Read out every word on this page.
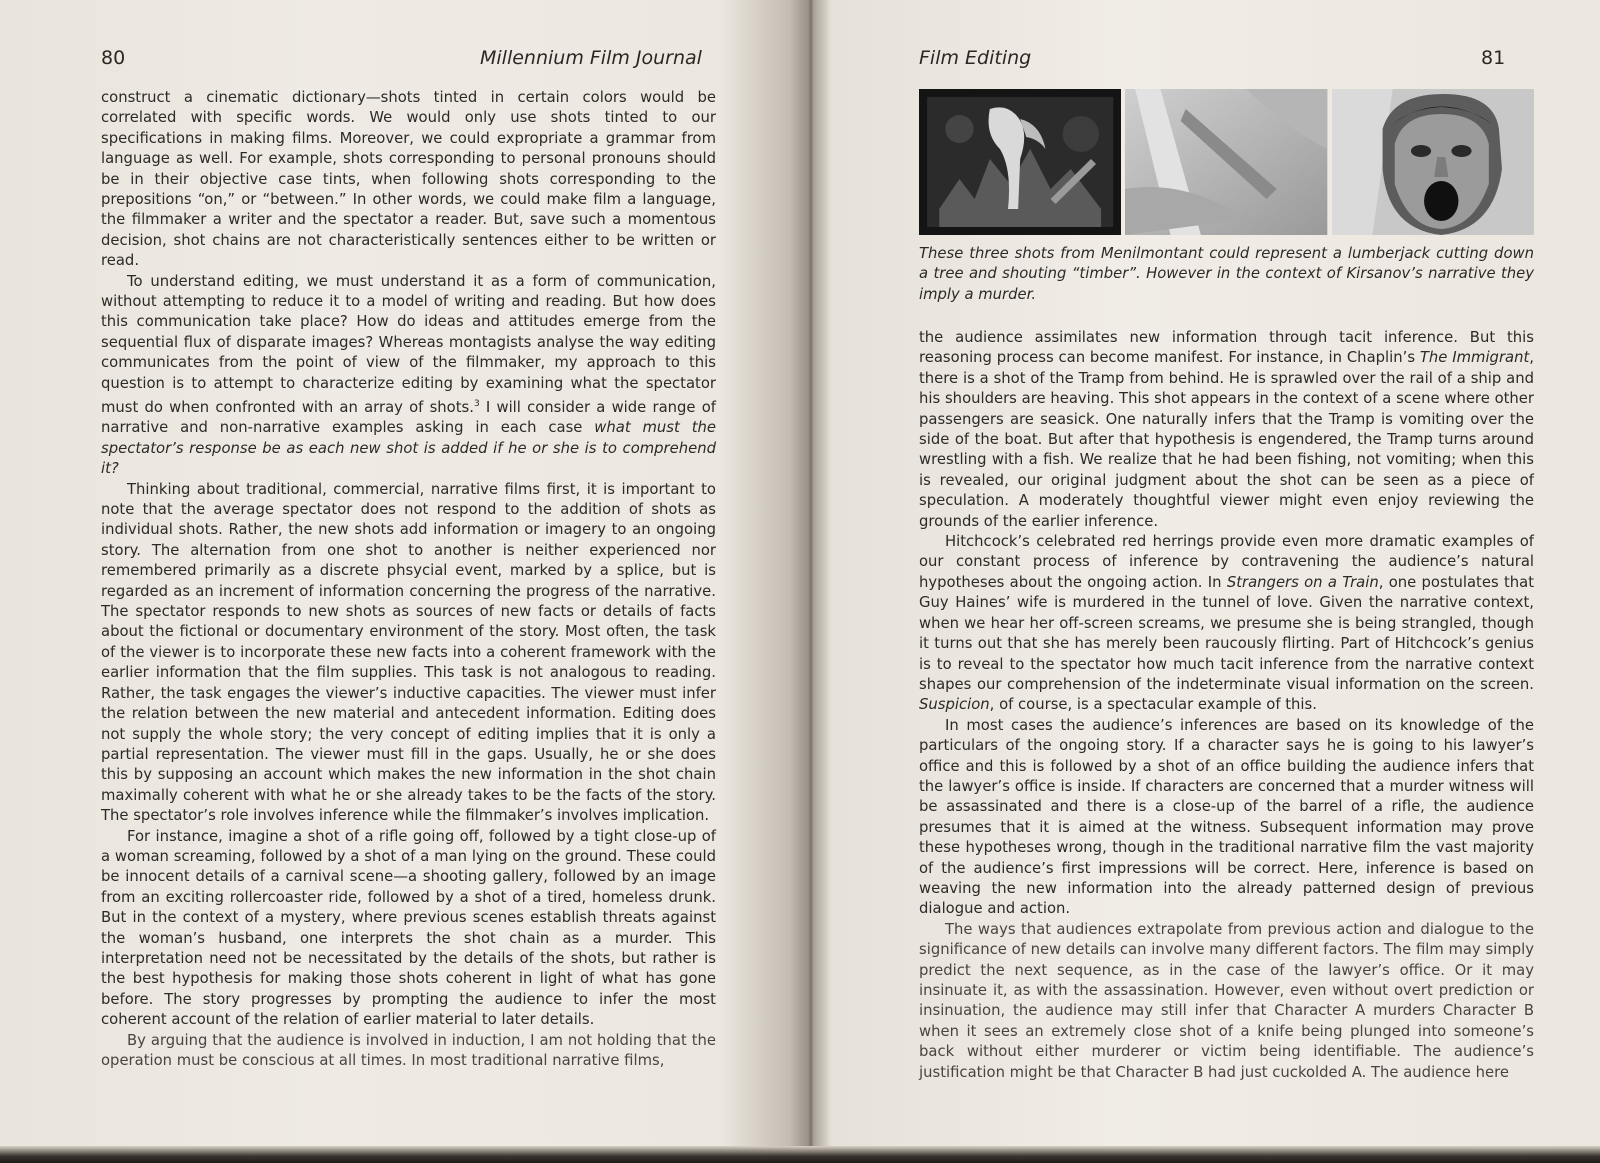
80	Millennium Film Journal

construct a cinematic dictionary—shots tinted in certain colors would be correlated with specific words. We would only use shots tinted to our specifications in making films. Moreover, we could expropriate a grammar from language as well. For example, shots corresponding to personal pronouns should be in their objective case tints, when following shots corresponding to the prepositions “on,” or “between.” In other words, we could make film a language, the filmmaker a writer and the spectator a reader. But, save such a momentous decision, shot chains are not characteristically sentences either to be written or read.

To understand editing, we must understand it as a form of communication, without attempting to reduce it to a model of writing and reading. But how does this communication take place? How do ideas and attitudes emerge from the sequential flux of disparate images? Whereas montagists analyse the way editing communicates from the point of view of the filmmaker, my approach to this question is to attempt to characterize editing by examining what the spectator must do when confronted with an array of shots.$^3$ I will consider a wide range of narrative and non-narrative examples asking in each case what must the spectator’s response be as each new shot is added if he or she is to comprehend it?

Thinking about traditional, commercial, narrative films first, it is important to note that the average spectator does not respond to the addition of shots as individual shots. Rather, the new shots add information or imagery to an ongoing story. The alternation from one shot to another is neither experienced nor remembered primarily as a discrete phsycial event, marked by a splice, but is regarded as an increment of information concerning the progress of the narrative. The spectator responds to new shots as sources of new facts or details of facts about the fictional or documentary environment of the story. Most often, the task of the viewer is to incorporate these new facts into a coherent framework with the earlier information that the film supplies. This task is not analogous to reading. Rather, the task engages the viewer’s inductive capacities. The viewer must infer the relation between the new material and antecedent information. Editing does not supply the whole story; the very concept of editing implies that it is only a partial representation. The viewer must fill in the gaps. Usually, he or she does this by supposing an account which makes the new information in the shot chain maximally coherent with what he or she already takes to be the facts of the story. The spectator’s role involves inference while the filmmaker’s involves implication.

For instance, imagine a shot of a rifle going off, followed by a tight close-up of a woman screaming, followed by a shot of a man lying on the ground. These could be innocent details of a carnival scene—a shooting gallery, followed by an image from an exciting rollercoaster ride, followed by a shot of a tired, homeless drunk. But in the context of a mystery, where previous scenes establish threats against the woman’s husband, one interprets the shot chain as a murder. This interpretation need not be necessitated by the details of the shots, but rather is the best hypothesis for making those shots coherent in light of what has gone before. The story progresses by prompting the audience to infer the most coherent account of the relation of earlier material to later details.

By arguing that the audience is involved in induction, I am not holding that the operation must be conscious at all times. In most traditional narrative films,

Film Editing	81
These three shots from Menilmontant could represent a lumberjack cutting down a tree and shouting “timber”. However in the context of Kirsanov’s narrative they imply a murder.

the audience assimilates new information through tacit inference. But this reasoning process can become manifest. For instance, in Chaplin’s The Immigrant, there is a shot of the Tramp from behind. He is sprawled over the rail of a ship and his shoulders are heaving. This shot appears in the context of a scene where other passengers are seasick. One naturally infers that the Tramp is vomiting over the side of the boat. But after that hypothesis is engendered, the Tramp turns around wrestling with a fish. We realize that he had been fishing, not vomiting; when this is revealed, our original judgment about the shot can be seen as a piece of speculation. A moderately thoughtful viewer might even enjoy reviewing the grounds of the earlier inference.

Hitchcock’s celebrated red herrings provide even more dramatic examples of our constant process of inference by contravening the audience’s natural hypotheses about the ongoing action. In Strangers on a Train, one postulates that Guy Haines’ wife is murdered in the tunnel of love. Given the narrative context, when we hear her off-screen screams, we presume she is being strangled, though it turns out that she has merely been raucously flirting. Part of Hitchcock’s genius is to reveal to the spectator how much tacit inference from the narrative context shapes our comprehension of the indeterminate visual information on the screen. Suspicion, of course, is a spectacular example of this.

In most cases the audience’s inferences are based on its knowledge of the particulars of the ongoing story. If a character says he is going to his lawyer’s office and this is followed by a shot of an office building the audience infers that the lawyer’s office is inside. If characters are concerned that a murder witness will be assassinated and there is a close-up of the barrel of a rifle, the audience presumes that it is aimed at the witness. Subsequent information may prove these hypotheses wrong, though in the traditional narrative film the vast majority of the audience’s first impressions will be correct. Here, inference is based on weaving the new information into the already patterned design of previous dialogue and action.

The ways that audiences extrapolate from previous action and dialogue to the significance of new details can involve many different factors. The film may simply predict the next sequence, as in the case of the lawyer’s office. Or it may insinuate it, as with the assassination. However, even without overt prediction or insinuation, the audience may still infer that Character A murders Character B when it sees an extremely close shot of a knife being plunged into someone’s back without either murderer or victim being identifiable. The audience’s justification might be that Character B had just cuckolded A. The audience here
